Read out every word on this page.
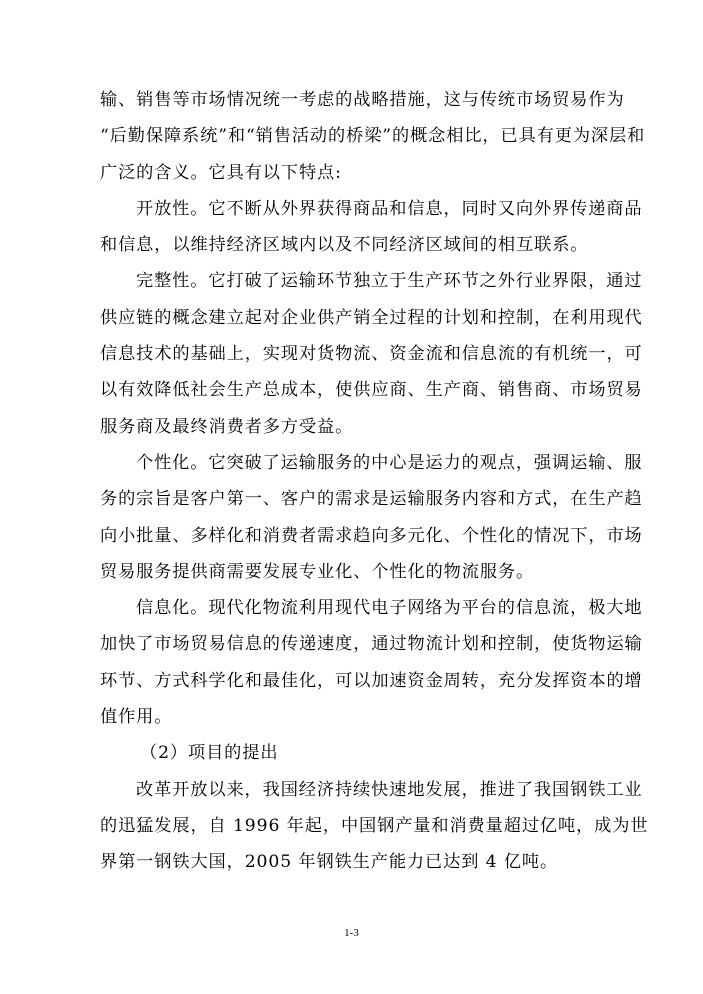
输、销售等市场情况统一考虑的战略措施，这与传统市场贸易作为
“后勤保障系统”和“销售活动的桥梁”的概念相比，已具有更为深层和
广泛的含义。它具有以下特点:
开放性。它不断从外界获得商品和信息，同时又向外界传递商品
和信息，以维持经济区域内以及不同经济区域间的相互联系。
完整性。它打破了运输环节独立于生产环节之外行业界限，通过
供应链的概念建立起对企业供产销全过程的计划和控制，在利用现代
信息技术的基础上，实现对货物流、资金流和信息流的有机统一，可
以有效降低社会生产总成本，使供应商、生产商、销售商、市场贸易
服务商及最终消费者多方受益。
个性化。它突破了运输服务的中心是运力的观点，强调运输、服
务的宗旨是客户第一、客户的需求是运输服务内容和方式，在生产趋
向小批量、多样化和消费者需求趋向多元化、个性化的情况下，市场
贸易服务提供商需要发展专业化、个性化的物流服务。
信息化。现代化物流利用现代电子网络为平台的信息流，极大地
加快了市场贸易信息的传递速度，通过物流计划和控制，使货物运输
环节、方式科学化和最佳化，可以加速资金周转，充分发挥资本的增
值作用。
（2）项目的提出
改革开放以来，我国经济持续快速地发展，推进了我国钢铁工业
的迅猛发展，自 1996 年起，中国钢产量和消费量超过亿吨，成为世
界第一钢铁大国，2005 年钢铁生产能力已达到 4 亿吨。
1-3
